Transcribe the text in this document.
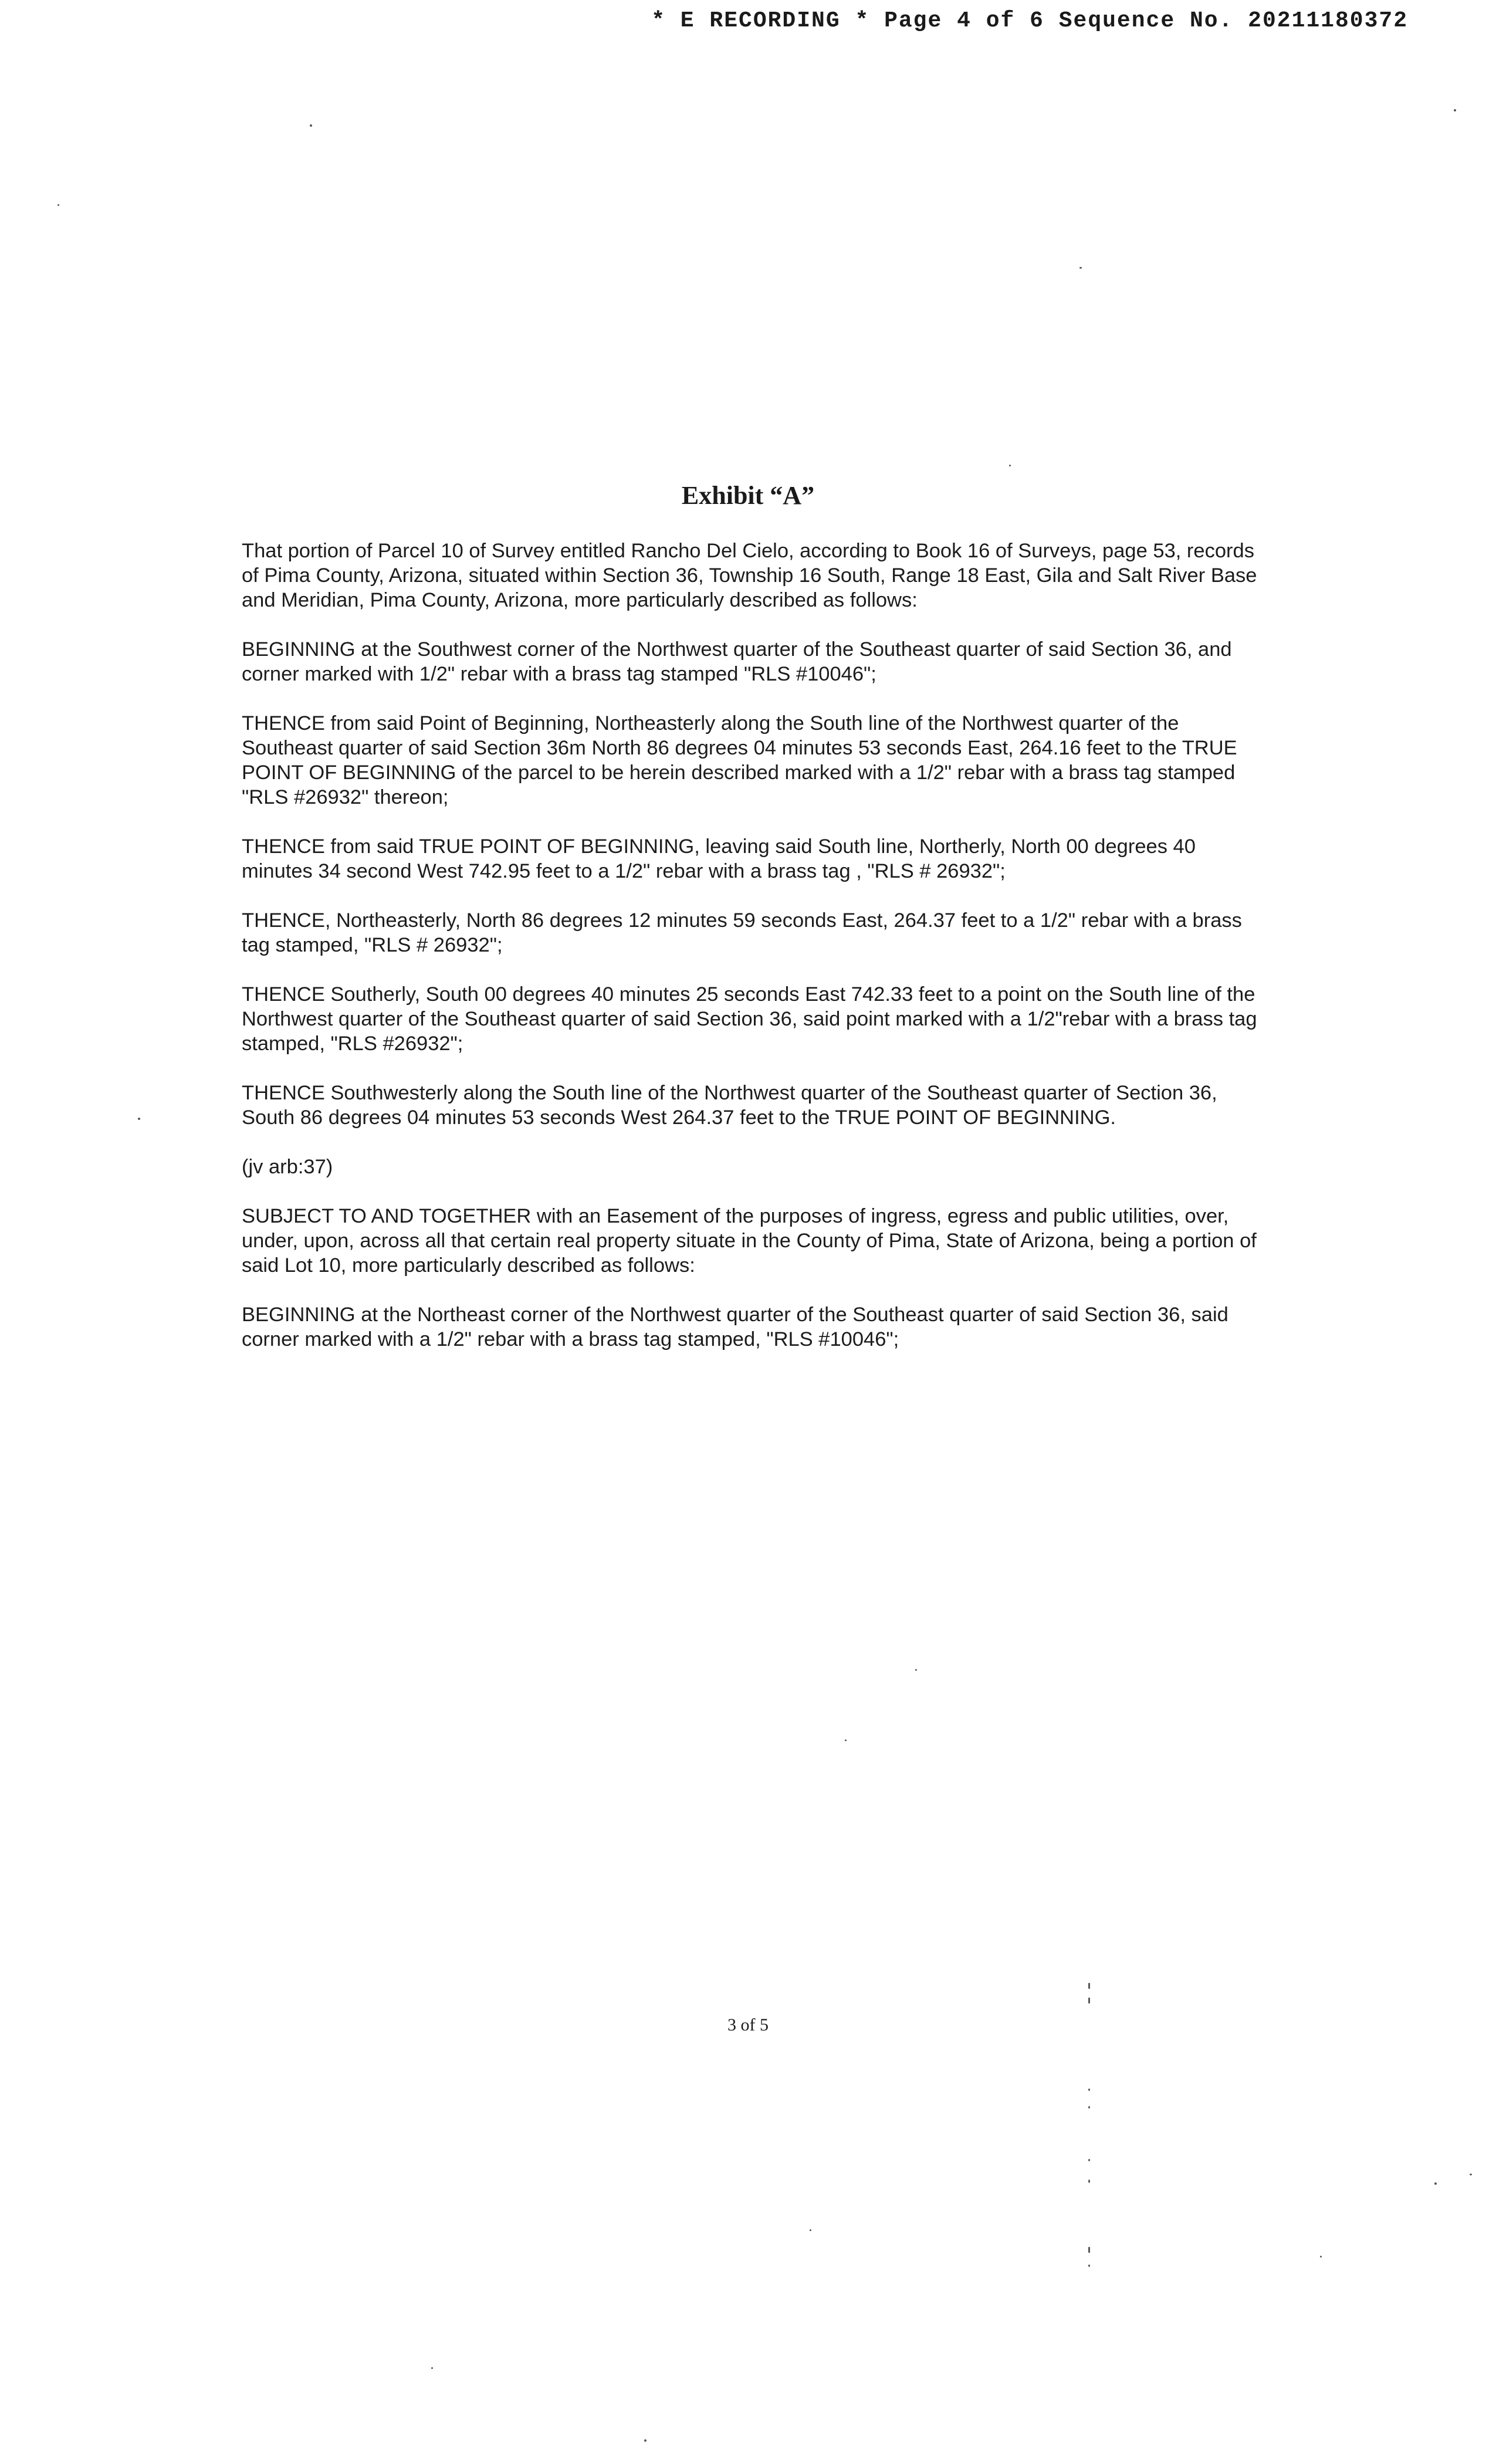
* E RECORDING * Page 4 of 6 Sequence No. 20211180372
Exhibit “A”

That portion of Parcel 10 of Survey entitled Rancho Del Cielo, according to Book 16 of Surveys, page 53, records of Pima County, Arizona, situated within Section 36, Township 16 South, Range 18 East, Gila and Salt River Base and Meridian, Pima County, Arizona, more particularly described as follows:

BEGINNING at the Southwest corner of the Northwest quarter of the Southeast quarter of said Section 36, and corner marked with 1/2" rebar with a brass tag stamped "RLS #10046";

THENCE from said Point of Beginning, Northeasterly along the South line of the Northwest quarter of the Southeast quarter of said Section 36m North 86 degrees 04 minutes 53 seconds East, 264.16 feet to the TRUE POINT OF BEGINNING of the parcel to be herein described marked with a 1/2" rebar with a brass tag stamped "RLS #26932" thereon;

THENCE from said TRUE POINT OF BEGINNING, leaving said South line, Northerly, North 00 degrees 40 minutes 34 second West 742.95 feet to a 1/2" rebar with a brass tag , "RLS # 26932";

THENCE, Northeasterly, North 86 degrees 12 minutes 59 seconds East, 264.37 feet to a 1/2" rebar with a brass tag stamped, "RLS # 26932";

THENCE Southerly, South 00 degrees 40 minutes 25 seconds East 742.33 feet to a point on the South line of the Northwest quarter of the Southeast quarter of said Section 36, said point marked with a 1/2"rebar with a brass tag stamped, "RLS #26932";

THENCE Southwesterly along the South line of the Northwest quarter of the Southeast quarter of Section 36, South 86 degrees 04 minutes 53 seconds West 264.37 feet to the TRUE POINT OF BEGINNING.

(jv arb:37)

SUBJECT TO AND TOGETHER with an Easement of the purposes of ingress, egress and public utilities, over, under, upon, across all that certain real property situate in the County of Pima, State of Arizona, being a portion of said Lot 10, more particularly described as follows:

BEGINNING at the Northeast corner of the Northwest quarter of the Southeast quarter of said Section 36, said corner marked with a 1/2" rebar with a brass tag stamped, "RLS #10046";

3 of 5
